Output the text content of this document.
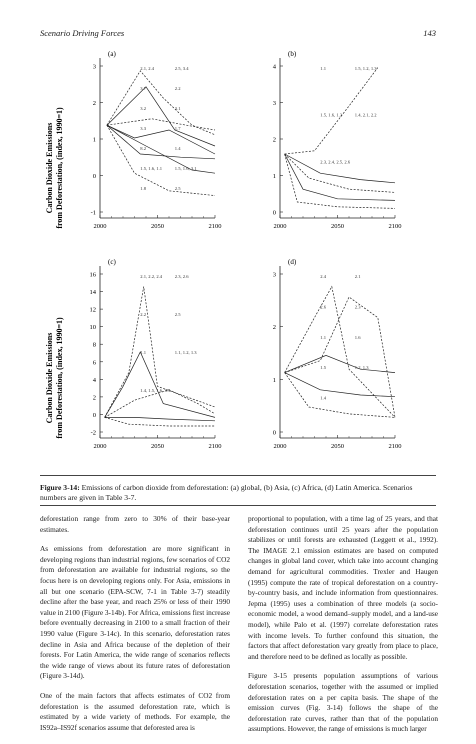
Scenario Driving Forces	143
Carbon Dioxide Emissions from Deforestation, (index, 1990=1)
Carbon Dioxide Emissions from Deforestation, (index, 1990=1)
(a)
3
2
1
0
-1
2000	2050	2100
2.1, 2.4	2.5, 3.4
3.7	2.2
3.2	3.1
3.3	1.7
8.2	1.4
1.5, 1.6, 1.1	1.5, 1.6, 3.1
1.8	2.5
(b)
4
3
2
1
0
2000	2050	2100
1.1	1.5, 1.2, 1.3
1.5, 1.6, 1.3	1.4, 2.1, 2.2
2.3, 2.4, 2.5, 2.6
(c)
16
14
12
10
8
6
4
2
0
-2
2000	2050	2100
2.1, 2.2, 2.4	2.3, 2.6
2.2	2.5
1.1	1.1, 1.2, 1.3
1.4, 1.5, 1.6, 3.1
(d)
3
2
1
0
2000	2050	2100
2.4	2.1
2.6	2.3
1.1	1.6
1.5	1.2, 1.3
1.4
Figure 3-14: Emissions of carbon dioxide from deforestation: (a) global, (b) Asia, (c) Africa, (d) Latin America. Scenarios numbers are given in Table 3-7.

deforestation range from zero to 30% of their base-year estimates.

As emissions from deforestation are more significant in developing regions than industrial regions, few scenarios of CO2 from deforestation are available for industrial regions, so the focus here is on developing regions only. For Asia, emissions in all but one scenario (EPA-SCW, 7-1 in Table 3-7) steadily decline after the base year, and reach 25% or less of their 1990 value in 2100 (Figure 3-14b). For Africa, emissions first increase before eventually decreasing in 2100 to a small fraction of their 1990 value (Figure 3-14c). In this scenario, deforestation rates decline in Asia and Africa because of the depletion of their forests. For Latin America, the wide range of scenarios reflects the wide range of views about its future rates of deforestation (Figure 3-14d).

One of the main factors that affects estimates of CO2 from deforestation is the assumed deforestation rate, which is estimated by a wide variety of methods. For example, the IS92a–IS92f scenarios assume that deforested area is

proportional to population, with a time lag of 25 years, and that deforestation continues until 25 years after the population stabilizes or until forests are exhausted (Leggett et al., 1992). The IMAGE 2.1 emission estimates are based on computed changes in global land cover, which take into account changing demand for agricultural commodities. Trexler and Haugen (1995) compute the rate of tropical deforestation on a country-by-country basis, and include information from questionnaires. Jepma (1995) uses a combination of three models (a socio-economic model, a wood demand–supply model, and a land-use model), while Palo et al. (1997) correlate deforestation rates with income levels. To further confound this situation, the factors that affect deforestation vary greatly from place to place, and therefore need to be defined as locally as possible.

Figure 3-15 presents population assumptions of various deforestation scenarios, together with the assumed or implied deforestation rates on a per capita basis. The shape of the emission curves (Fig. 3-14) follows the shape of the deforestation rate curves, rather than that of the population assumptions. However, the range of emissions is much larger
